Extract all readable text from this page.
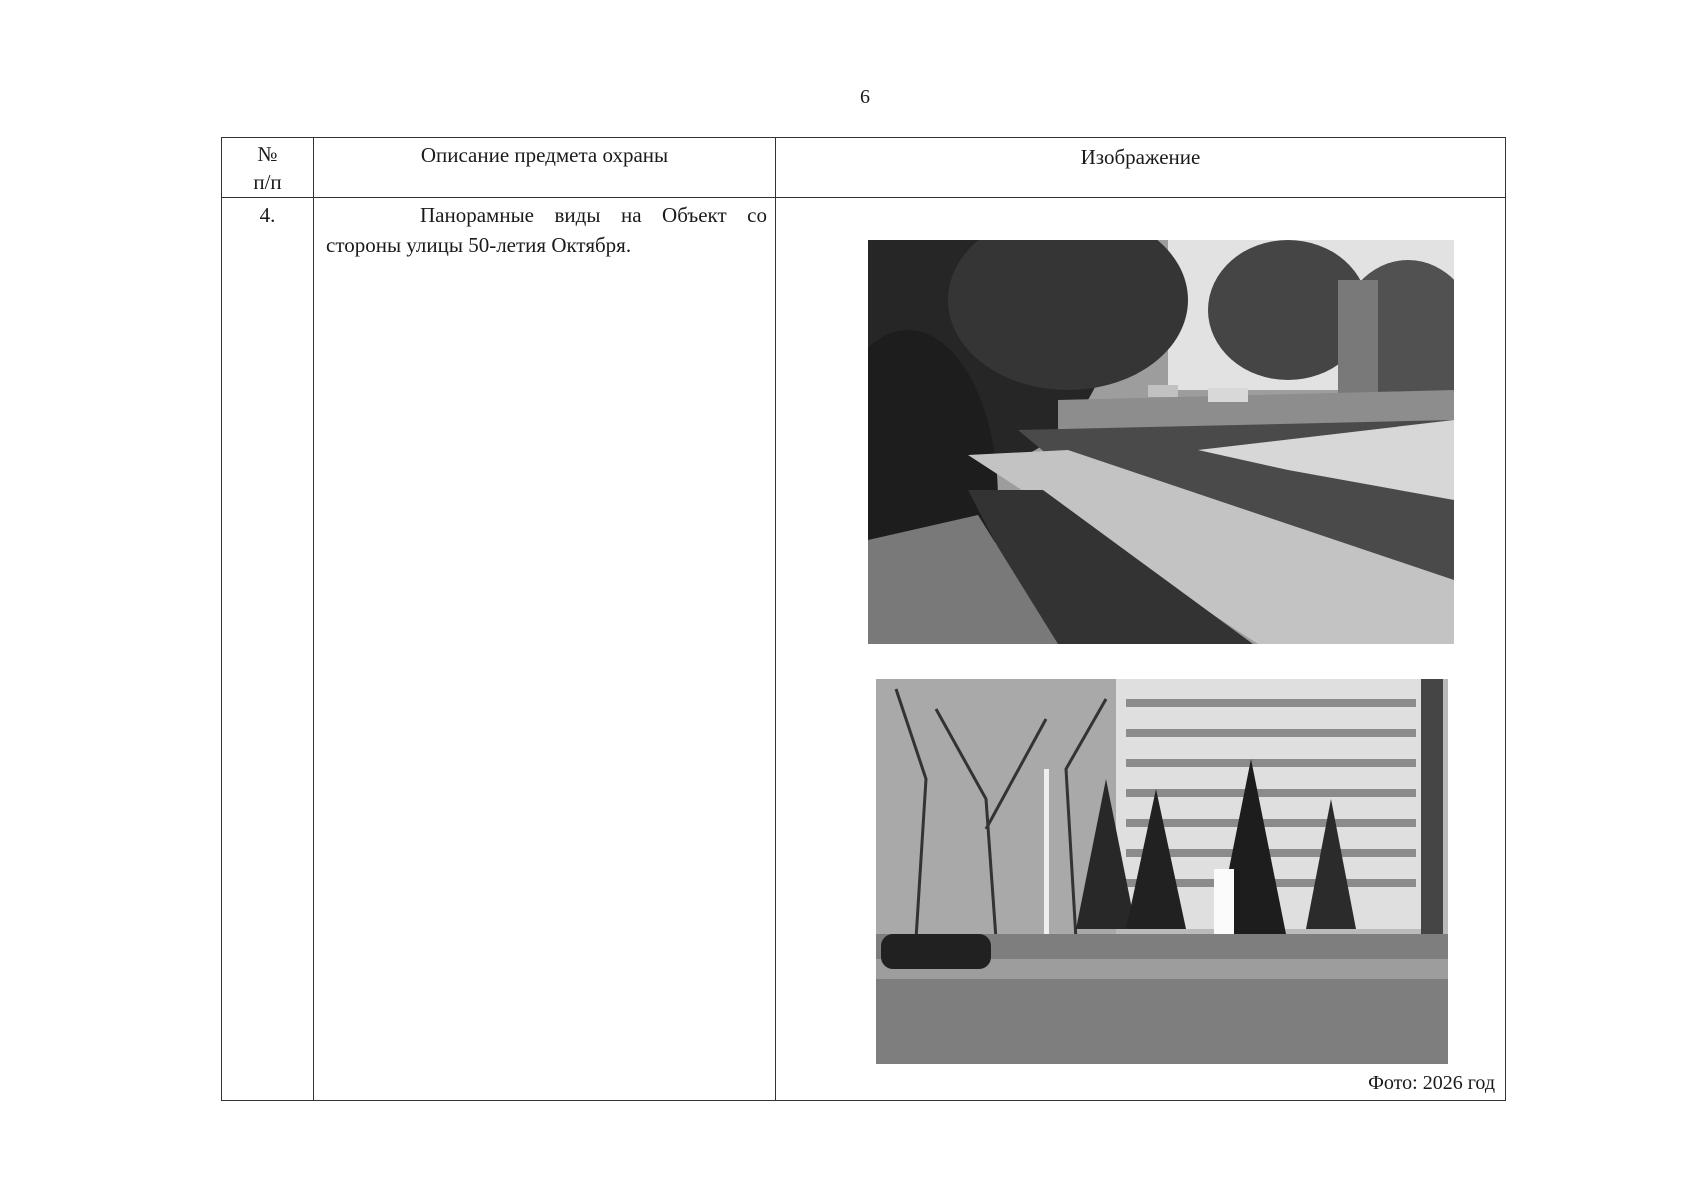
6
№
п/п	Описание предмета охраны	Изображение
4.	Панорамные виды на Объект со стороны улицы 50-летия Октября.	Фото: 2026 год
